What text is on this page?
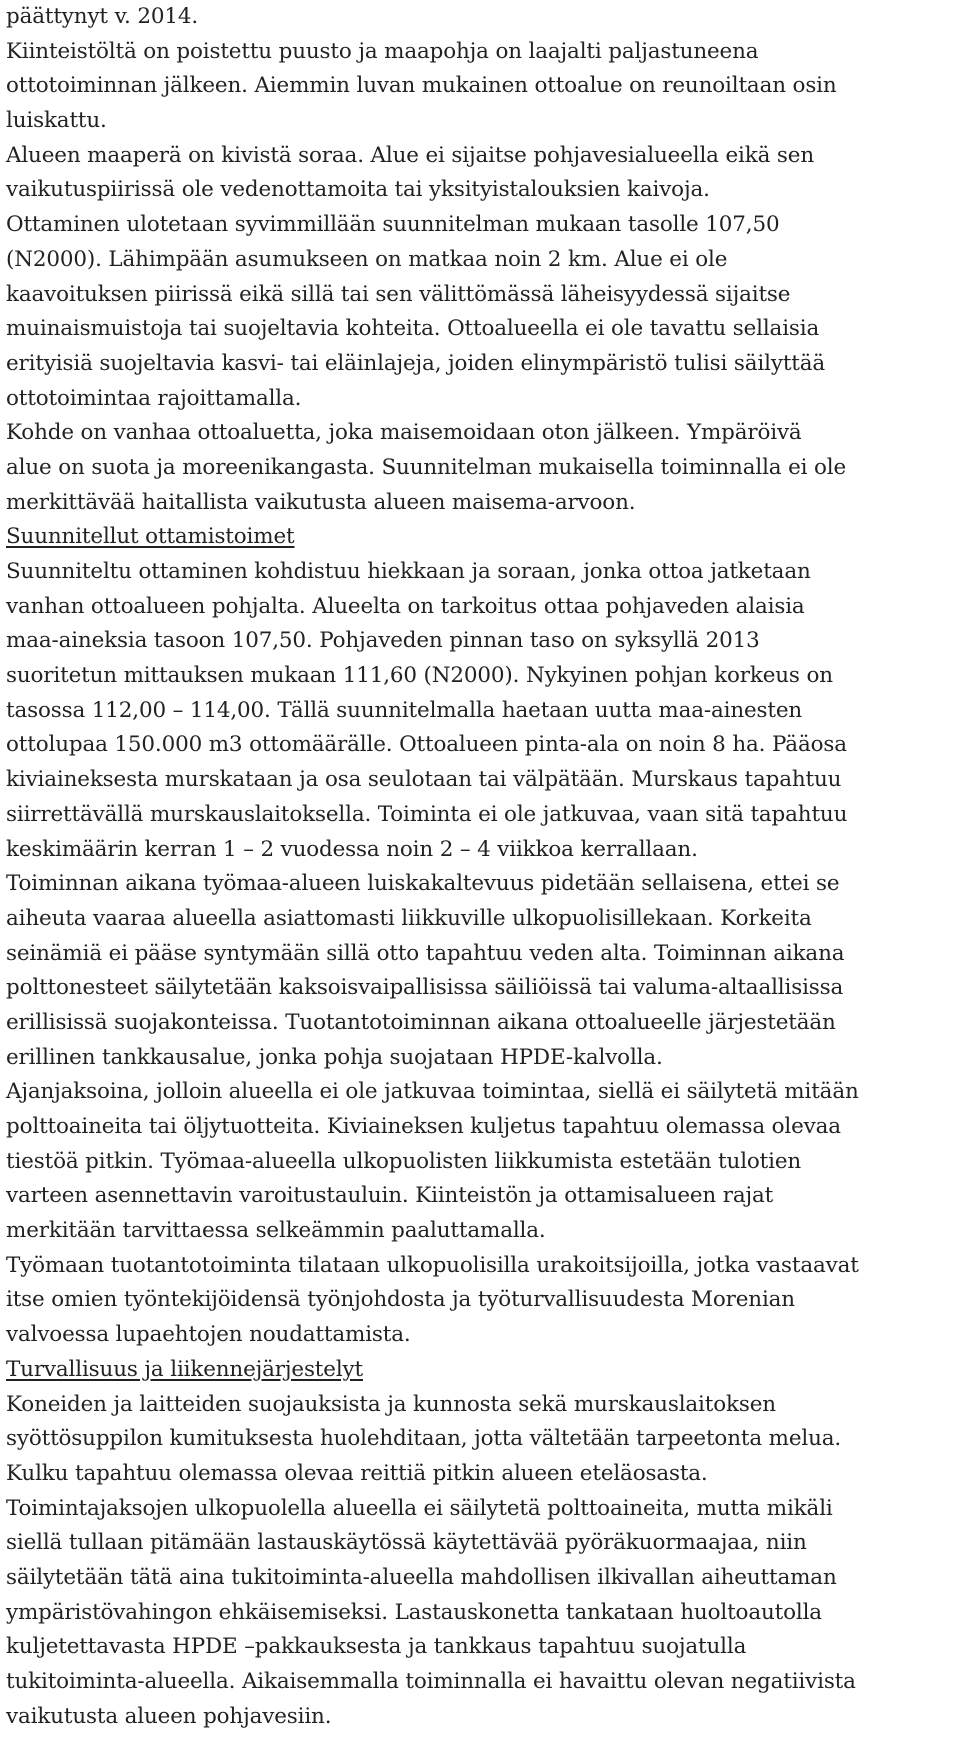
päättynyt v. 2014.
Kiinteistöltä on poistettu puusto ja maapohja on laajalti paljastuneena
ottotoiminnan jälkeen. Aiemmin luvan mukainen ottoalue on reunoiltaan osin
luiskattu.
Alueen maaperä on kivistä soraa. Alue ei sijaitse pohjavesialueella eikä sen
vaikutuspiirissä ole vedenottamoita tai yksityistalouksien kaivoja.
Ottaminen ulotetaan syvimmillään suunnitelman mukaan tasolle 107,50
(N2000). Lähimpään asumukseen on matkaa noin 2 km. Alue ei ole
kaavoituksen piirissä eikä sillä tai sen välittömässä läheisyydessä sijaitse
muinaismuistoja tai suojeltavia kohteita. Ottoalueella ei ole tavattu sellaisia
erityisiä suojeltavia kasvi- tai eläinlajeja, joiden elinympäristö tulisi säilyttää
ottotoimintaa rajoittamalla.
Kohde on vanhaa ottoaluetta, joka maisemoidaan oton jälkeen. Ympäröivä
alue on suota ja moreenikangasta. Suunnitelman mukaisella toiminnalla ei ole
merkittävää haitallista vaikutusta alueen maisema-arvoon.
Suunnitellut ottamistoimet
Suunniteltu ottaminen kohdistuu hiekkaan ja soraan, jonka ottoa jatketaan
vanhan ottoalueen pohjalta. Alueelta on tarkoitus ottaa pohjaveden alaisia
maa-aineksia tasoon 107,50. Pohjaveden pinnan taso on syksyllä 2013
suoritetun mittauksen mukaan 111,60 (N2000). Nykyinen pohjan korkeus on
tasossa 112,00 – 114,00. Tällä suunnitelmalla haetaan uutta maa-ainesten
ottolupaa 150.000 m3 ottomäärälle. Ottoalueen pinta-ala on noin 8 ha. Pääosa
kiviaineksesta murskataan ja osa seulotaan tai välpätään. Murskaus tapahtuu
siirrettävällä murskauslaitoksella. Toiminta ei ole jatkuvaa, vaan sitä tapahtuu
keskimäärin kerran 1 – 2 vuodessa noin 2 – 4 viikkoa kerrallaan.
Toiminnan aikana työmaa-alueen luiskakaltevuus pidetään sellaisena, ettei se
aiheuta vaaraa alueella asiattomasti liikkuville ulkopuolisillekaan. Korkeita
seinämiä ei pääse syntymään sillä otto tapahtuu veden alta. Toiminnan aikana
polttonesteet säilytetään kaksoisvaipallisissa säiliöissä tai valuma-altaallisissa
erillisissä suojakonteissa. Tuotantotoiminnan aikana ottoalueelle järjestetään
erillinen tankkausalue, jonka pohja suojataan HPDE-kalvolla.
Ajanjaksoina, jolloin alueella ei ole jatkuvaa toimintaa, siellä ei säilytetä mitään
polttoaineita tai öljytuotteita. Kiviaineksen kuljetus tapahtuu olemassa olevaa
tiestöä pitkin. Työmaa-alueella ulkopuolisten liikkumista estetään tulotien
varteen asennettavin varoitustauluin. Kiinteistön ja ottamisalueen rajat
merkitään tarvittaessa selkeämmin paaluttamalla.
Työmaan tuotantotoiminta tilataan ulkopuolisilla urakoitsijoilla, jotka vastaavat
itse omien työntekijöidensä työnjohdosta ja työturvallisuudesta Morenian
valvoessa lupaehtojen noudattamista.
Turvallisuus ja liikennejärjestelyt
Koneiden ja laitteiden suojauksista ja kunnosta sekä murskauslaitoksen
syöttösuppilon kumituksesta huolehditaan, jotta vältetään tarpeetonta melua.
Kulku tapahtuu olemassa olevaa reittiä pitkin alueen eteläosasta.
Toimintajaksojen ulkopuolella alueella ei säilytetä polttoaineita, mutta mikäli
siellä tullaan pitämään lastauskäytössä käytettävää pyöräkuormaajaa, niin
säilytetään tätä aina tukitoiminta-alueella mahdollisen ilkivallan aiheuttaman
ympäristövahingon ehkäisemiseksi. Lastauskonetta tankataan huoltoautolla
kuljetettavasta HPDE –pakkauksesta ja tankkaus tapahtuu suojatulla
tukitoiminta-alueella. Aikaisemmalla toiminnalla ei havaittu olevan negatiivista
vaikutusta alueen pohjavesiin.
